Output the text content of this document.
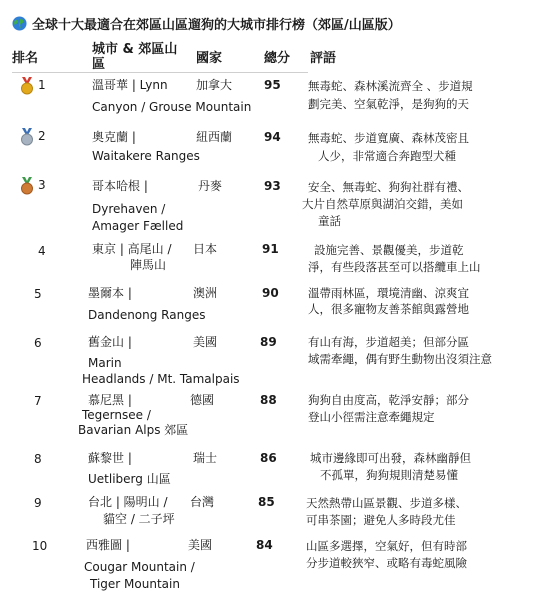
全球十大最適合在郊區山區遛狗的大城市排行榜（郊區/山區版）
排名
城市 & 郊區山
區	國家	總分 評語
1	溫哥華 | Lynn
Canyon / Grouse Mountain
加拿大	95 無毒蛇、森林溪流齊全 、步道規
劃完美、空氣乾淨，是狗狗的天
2	奧克蘭 |
Waitakere Ranges
紐西蘭	94 無毒蛇、步道寬廣、森林茂密且
人少，非常適合奔跑型犬種
3	哥本哈根 |
Dyrehaven /
Amager Fælled
丹麥	93 安全、無毒蛇、狗狗社群有禮、
大片自然草原與湖泊交錯，美如
童話
4	東京 | 高尾山 /
陣馬山
日本	91	設施完善、景觀優美，步道乾
淨，有些段落甚至可以搭纜車上山
5	墨爾本 |
Dandenong Ranges
澳洲	90	溫帶雨林區，環境清幽、涼爽宜
人，很多寵物友善茶館與露營地
6	舊金山 |
Marin
Headlands / Mt. Tamalpais
美國	89	有山有海，步道超美；但部分區
域需牽繩，偶有野生動物出沒須注意
7	慕尼黑 |
Tegernsee /
Bavarian Alps 郊區
德國	88	狗狗自由度高，乾淨安靜；部分
登山小徑需注意牽繩規定
8	蘇黎世 |
Uetliberg 山區
瑞士	86	城市邊緣即可出發，森林幽靜但
不孤單，狗狗規則清楚易懂
9	台北 | 陽明山 /
貓空 / 二子坪
台灣	85	天然熱帶山區景觀、步道多樣、
可串茶園；避免人多時段尤佳
10	西雅圖 |
Cougar Mountain /
Tiger Mountain
美國	84	山區多選擇，空氣好，但有時部
分步道較狹窄、或略有毒蛇風險
